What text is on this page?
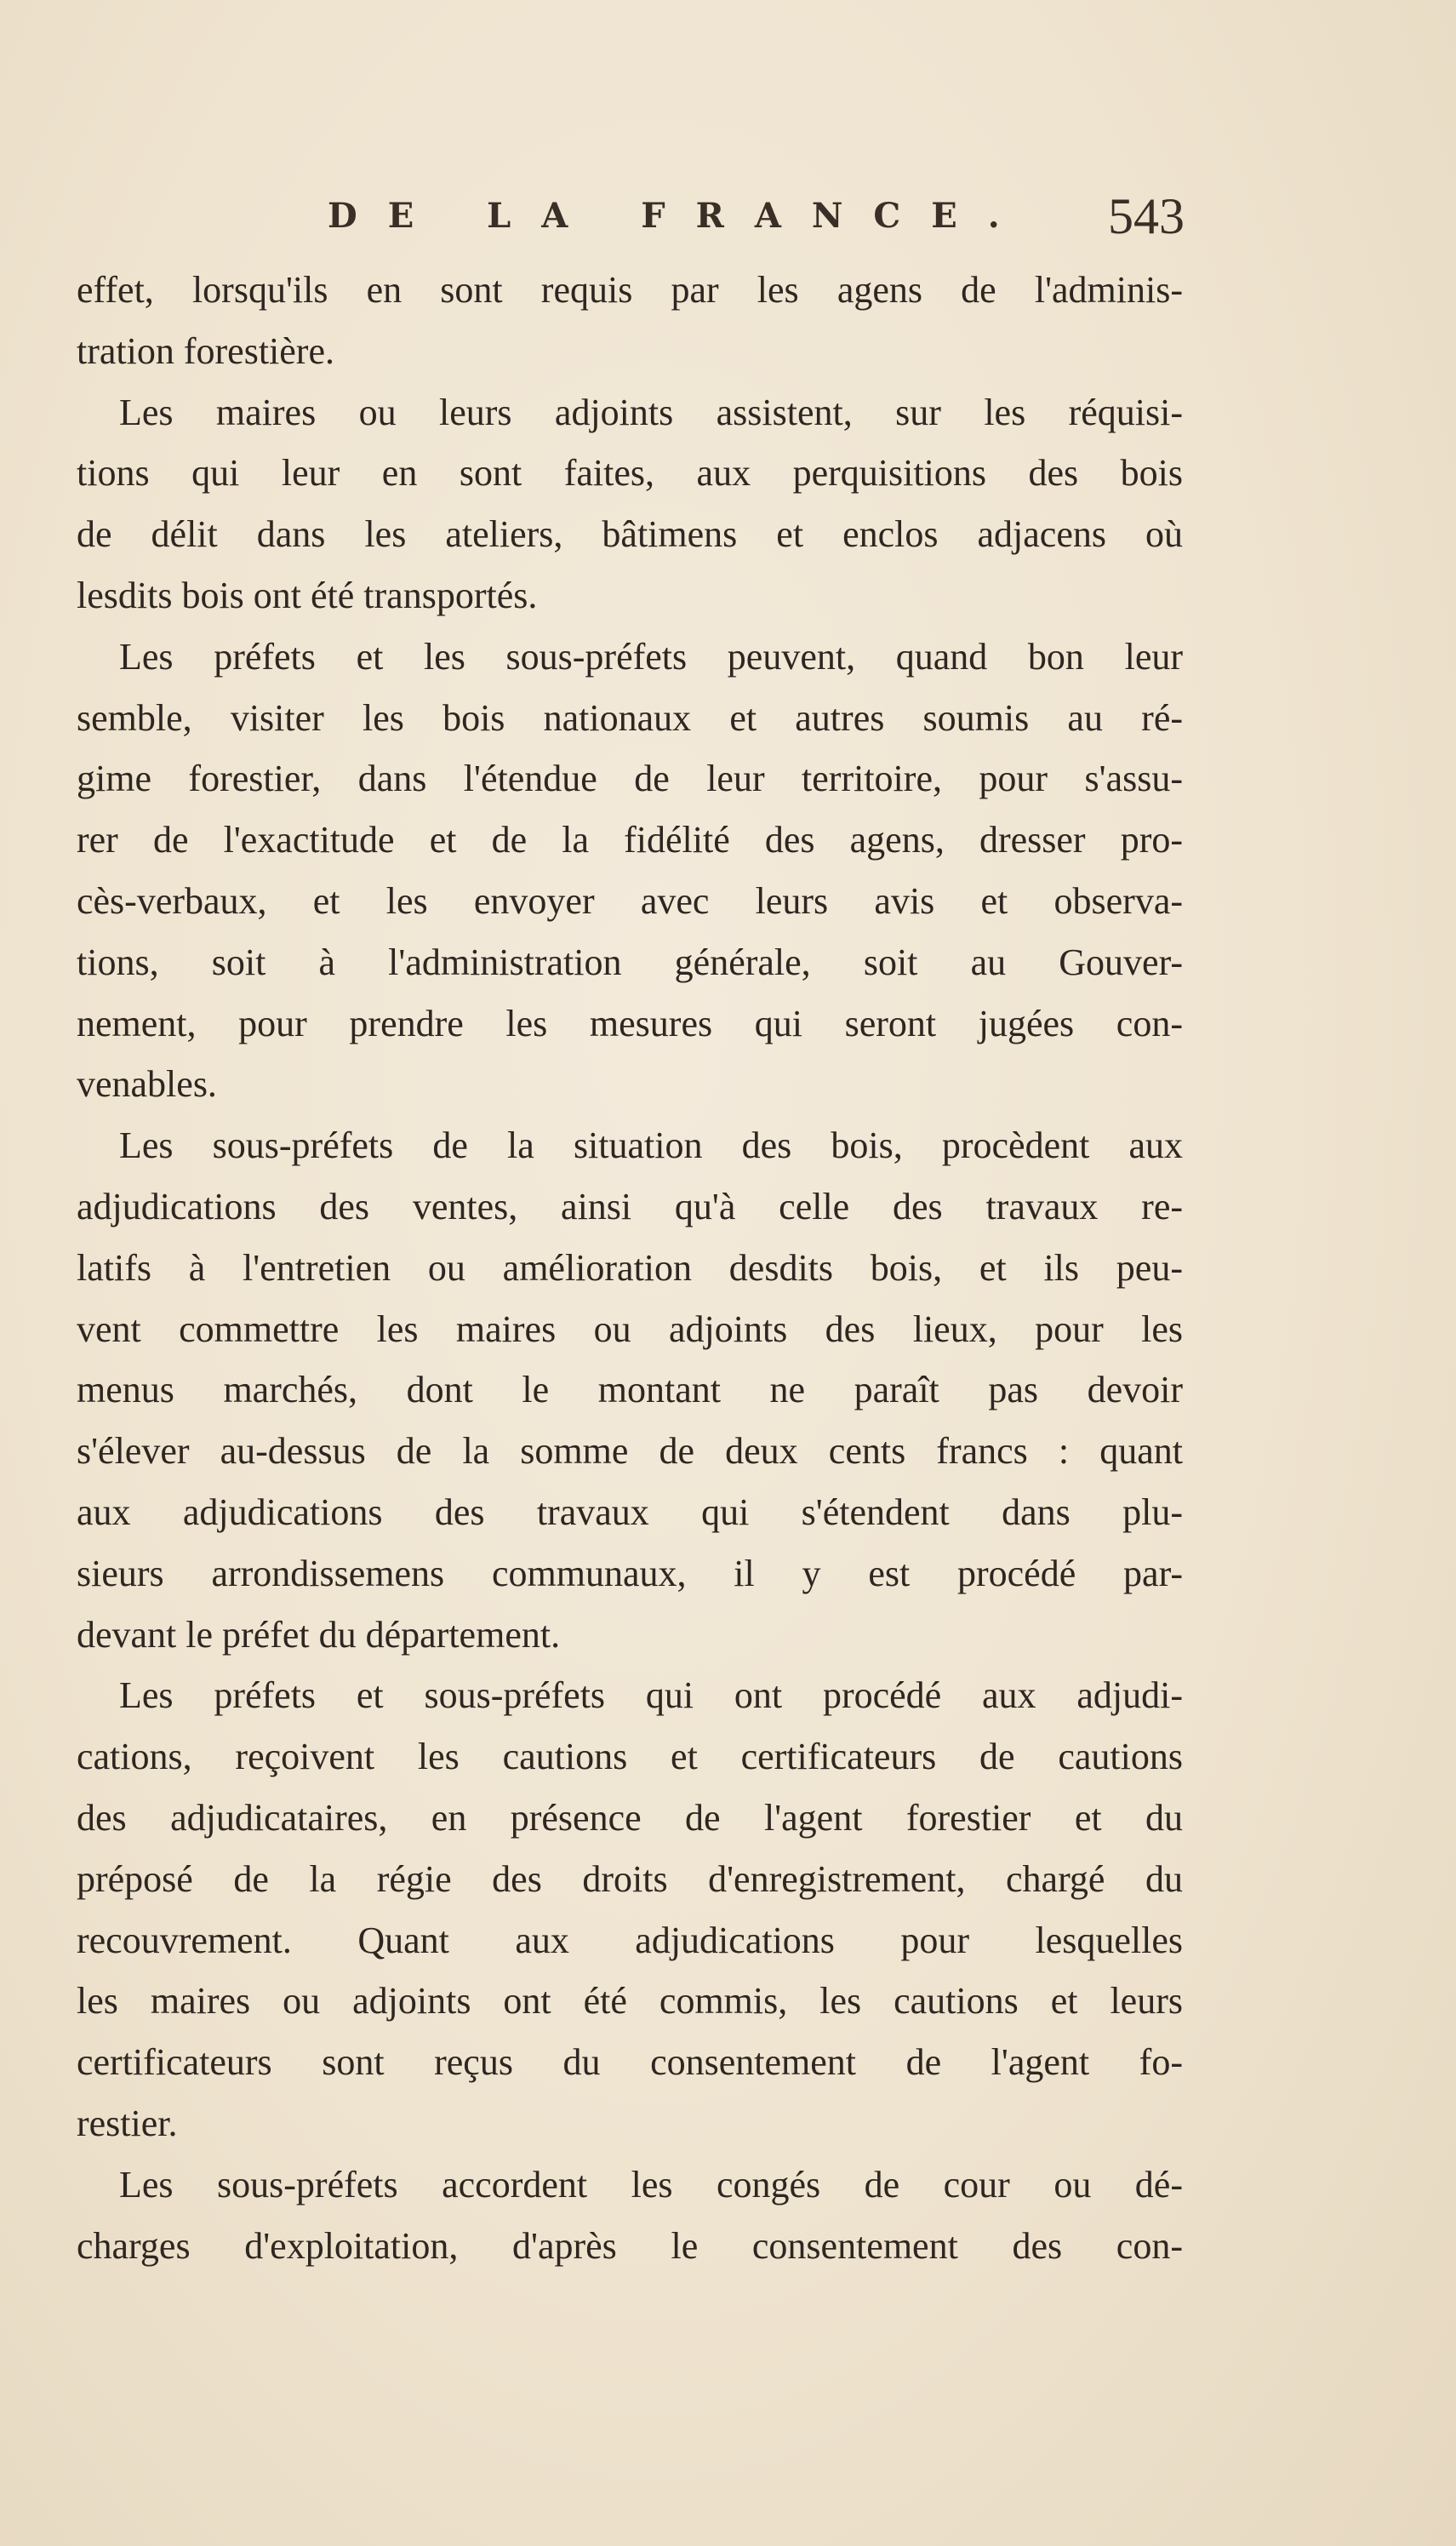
DE LA FRANCE. 543
effet, lorsqu'ils en sont requis par les agens de l'adminis-
tration forestière.
Les maires ou leurs adjoints assistent, sur les réquisi-
tions qui leur en sont faites, aux perquisitions des bois
de délit dans les ateliers, bâtimens et enclos adjacens où
lesdits bois ont été transportés.
Les préfets et les sous-préfets peuvent, quand bon leur
semble, visiter les bois nationaux et autres soumis au ré-
gime forestier, dans l'étendue de leur territoire, pour s'assu-
rer de l'exactitude et de la fidélité des agens, dresser pro-
cès-verbaux, et les envoyer avec leurs avis et observa-
tions, soit à l'administration générale, soit au Gouver-
nement, pour prendre les mesures qui seront jugées con-
venables.
Les sous-préfets de la situation des bois, procèdent aux
adjudications des ventes, ainsi qu'à celle des travaux re-
latifs à l'entretien ou amélioration desdits bois, et ils peu-
vent commettre les maires ou adjoints des lieux, pour les
menus marchés, dont le montant ne paraît pas devoir
s'élever au-dessus de la somme de deux cents francs : quant
aux adjudications des travaux qui s'étendent dans plu-
sieurs arrondissemens communaux, il y est procédé par-
devant le préfet du département.
Les préfets et sous-préfets qui ont procédé aux adjudi-
cations, reçoivent les cautions et certificateurs de cautions
des adjudicataires, en présence de l'agent forestier et du
préposé de la régie des droits d'enregistrement, chargé du
recouvrement. Quant aux adjudications pour lesquelles
les maires ou adjoints ont été commis, les cautions et leurs
certificateurs sont reçus du consentement de l'agent fo-
restier.
Les sous-préfets accordent les congés de cour ou dé-
charges d'exploitation, d'après le consentement des con-
